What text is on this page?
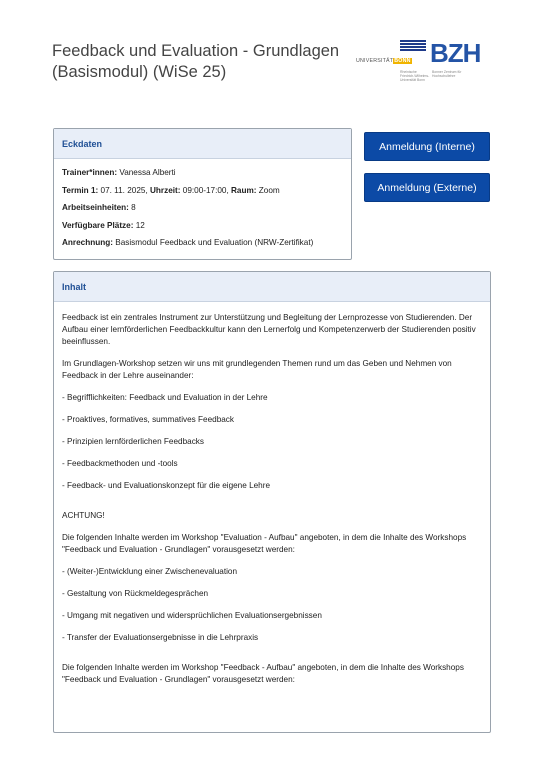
Feedback und Evaluation - Grundlagen (Basismodul) (WiSe 25)
UNIVERSITÄTBONN
Rheinische Friedrich-Wilhelms-Universität Bonn
BZH
Bonner Zentrum für Hochschullehre
Eckdaten
Trainer*innen: Vanessa Alberti
Termin 1: 07. 11. 2025, Uhrzeit: 09:00-17:00, Raum: Zoom
Arbeitseinheiten: 8
Verfügbare Plätze: 12
Anrechnung: Basismodul Feedback und Evaluation (NRW-Zertifikat)
Anmeldung (Interne)
Anmeldung (Externe)
Inhalt

Feedback ist ein zentrales Instrument zur Unterstützung und Begleitung der Lernprozesse von Studierenden. Der Aufbau einer lernförderlichen Feedbackkultur kann den Lernerfolg und Kompetenzerwerb der Studierenden positiv beeinflussen.

Im Grundlagen-Workshop setzen wir uns mit grundlegenden Themen rund um das Geben und Nehmen von Feedback in der Lehre auseinander:

- Begrifflichkeiten: Feedback und Evaluation in der Lehre

- Proaktives, formatives, summatives Feedback

- Prinzipien lernförderlichen Feedbacks

- Feedbackmethoden und -tools

- Feedback- und Evaluationskonzept für die eigene Lehre

ACHTUNG!

Die folgenden Inhalte werden im Workshop "Evaluation - Aufbau" angeboten, in dem die Inhalte des Workshops "Feedback und Evaluation - Grundlagen" vorausgesetzt werden:

- (Weiter-)Entwicklung einer Zwischenevaluation

- Gestaltung von Rückmeldegesprächen

- Umgang mit negativen und widersprüchlichen Evaluationsergebnissen

- Transfer der Evaluationsergebnisse in die Lehrpraxis

Die folgenden Inhalte werden im Workshop "Feedback - Aufbau" angeboten, in dem die Inhalte des Workshops "Feedback und Evaluation - Grundlagen" vorausgesetzt werden:
